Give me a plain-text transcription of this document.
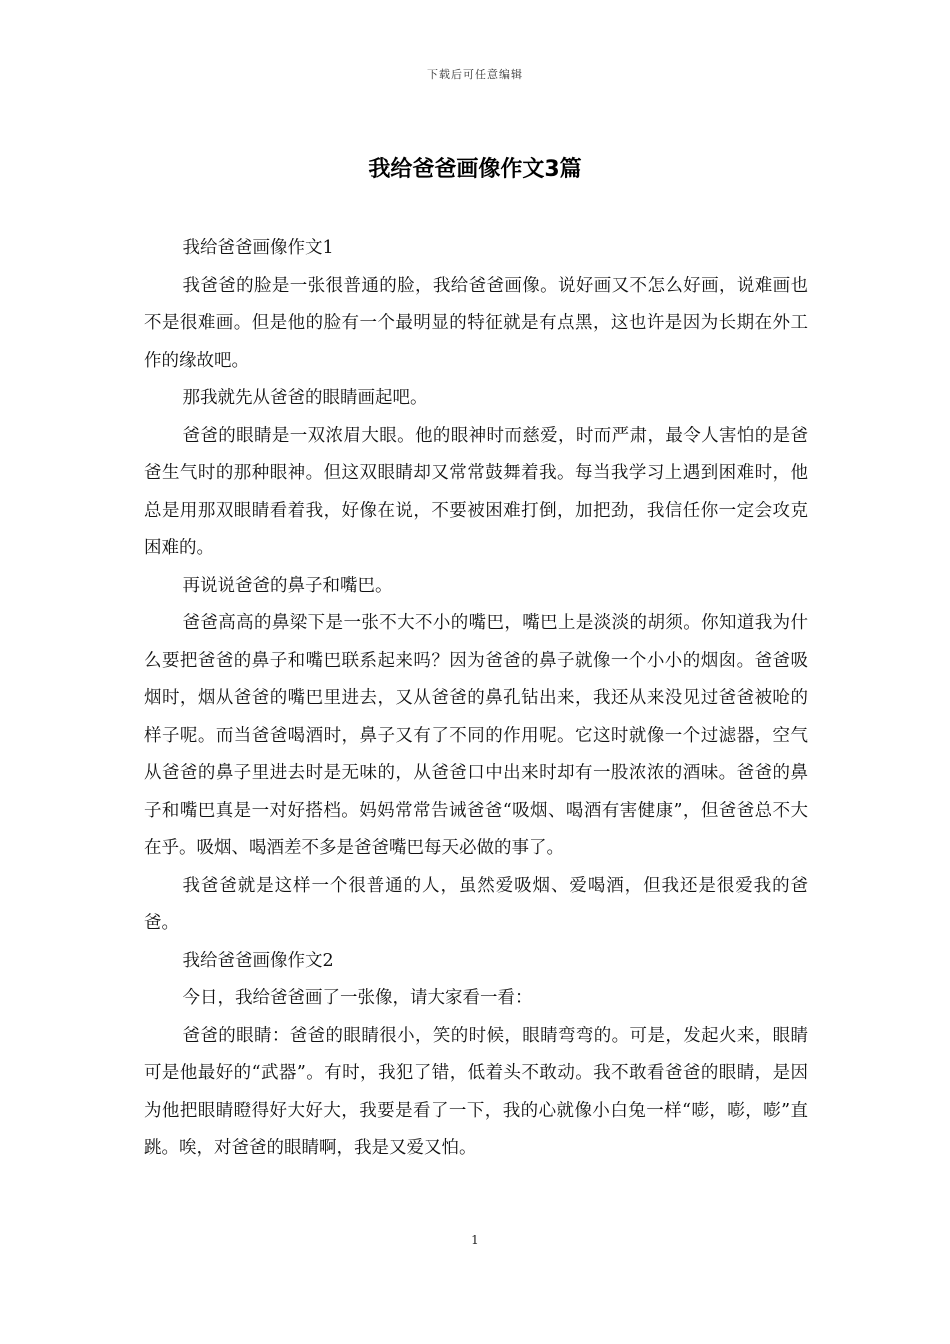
下载后可任意编辑
我给爸爸画像作文3篇

我给爸爸画像作文1

我爸爸的脸是一张很普通的脸，我给爸爸画像。说好画又不怎么好画，说难画也不是很难画。但是他的脸有一个最明显的特征就是有点黑，这也许是因为长期在外工作的缘故吧。

那我就先从爸爸的眼睛画起吧。

爸爸的眼睛是一双浓眉大眼。他的眼神时而慈爱，时而严肃，最令人害怕的是爸爸生气时的那种眼神。但这双眼睛却又常常鼓舞着我。每当我学习上遇到困难时，他总是用那双眼睛看着我，好像在说，不要被困难打倒，加把劲，我信任你一定会攻克困难的。

再说说爸爸的鼻子和嘴巴。

爸爸高高的鼻梁下是一张不大不小的嘴巴，嘴巴上是淡淡的胡须。你知道我为什么要把爸爸的鼻子和嘴巴联系起来吗？因为爸爸的鼻子就像一个小小的烟囱。爸爸吸烟时，烟从爸爸的嘴巴里进去，又从爸爸的鼻孔钻出来，我还从来没见过爸爸被呛的样子呢。而当爸爸喝酒时，鼻子又有了不同的作用呢。它这时就像一个过滤器，空气从爸爸的鼻子里进去时是无味的，从爸爸口中出来时却有一股浓浓的酒味。爸爸的鼻子和嘴巴真是一对好搭档。妈妈常常告诫爸爸“吸烟、喝酒有害健康”，但爸爸总不大在乎。吸烟、喝酒差不多是爸爸嘴巴每天必做的事了。

我爸爸就是这样一个很普通的人，虽然爱吸烟、爱喝酒，但我还是很爱我的爸爸。

我给爸爸画像作文2

今日，我给爸爸画了一张像，请大家看一看：

爸爸的眼睛：爸爸的眼睛很小，笑的时候，眼睛弯弯的。可是，发起火来，眼睛可是他最好的“武器”。有时，我犯了错，低着头不敢动。我不敢看爸爸的眼睛，是因为他把眼睛瞪得好大好大，我要是看了一下，我的心就像小白兔一样“嘭，嘭，嘭”直跳。唉，对爸爸的眼睛啊，我是又爱又怕。

1
